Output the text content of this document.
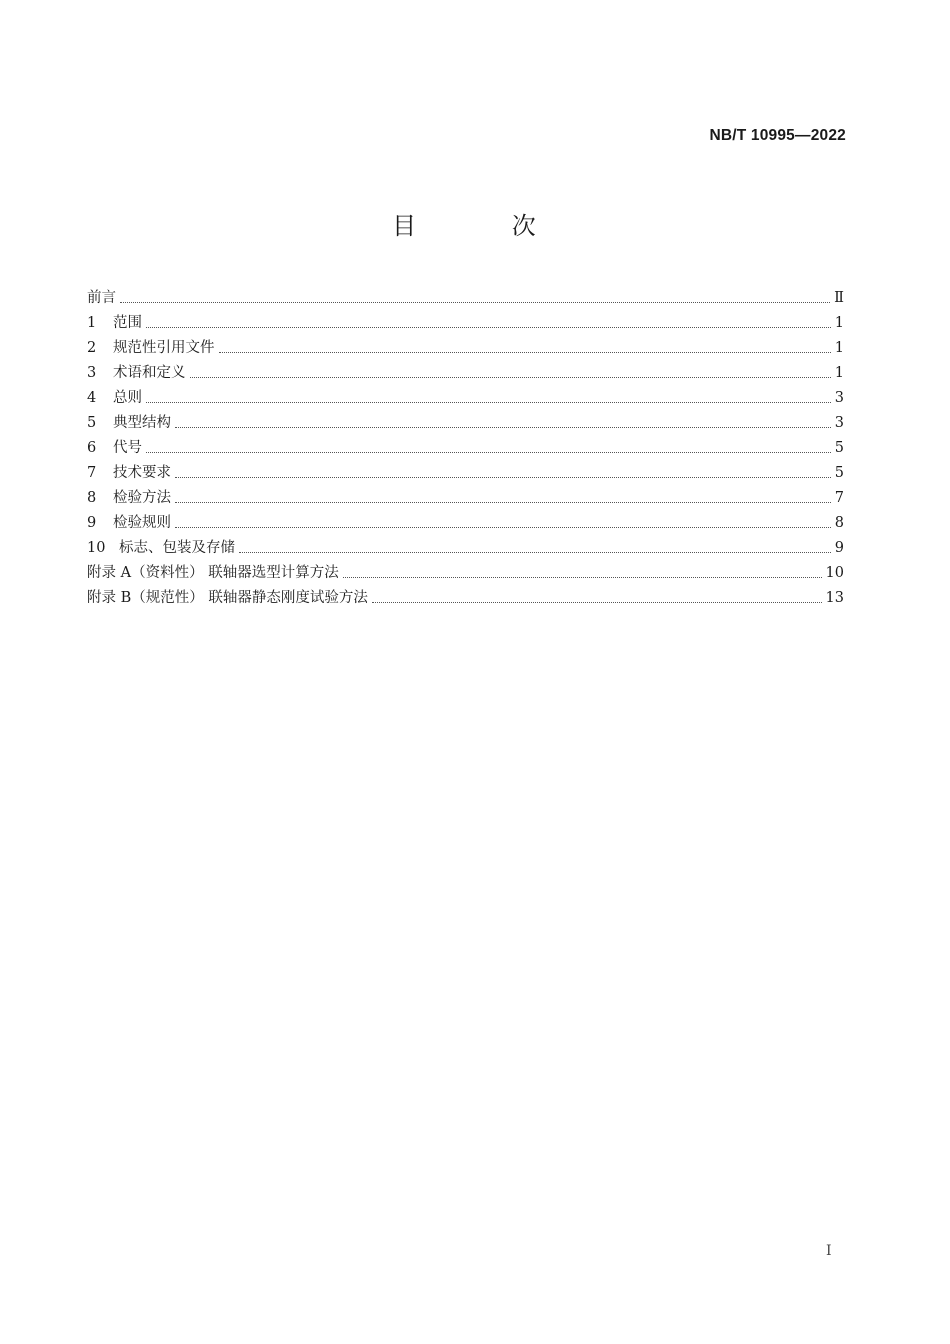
NB/T 10995—2022
目 次
前言	Ⅱ
1	范围	1
2	规范性引用文件	1
3	术语和定义	1
4	总则	3
5	典型结构	3
6	代号	5
7	技术要求	5
8	检验方法	7
9	检验规则	8
10 标志、包装及存储	9
附录 A（资料性） 联轴器选型计算方法	10
附录 B（规范性） 联轴器静态刚度试验方法	13
I
